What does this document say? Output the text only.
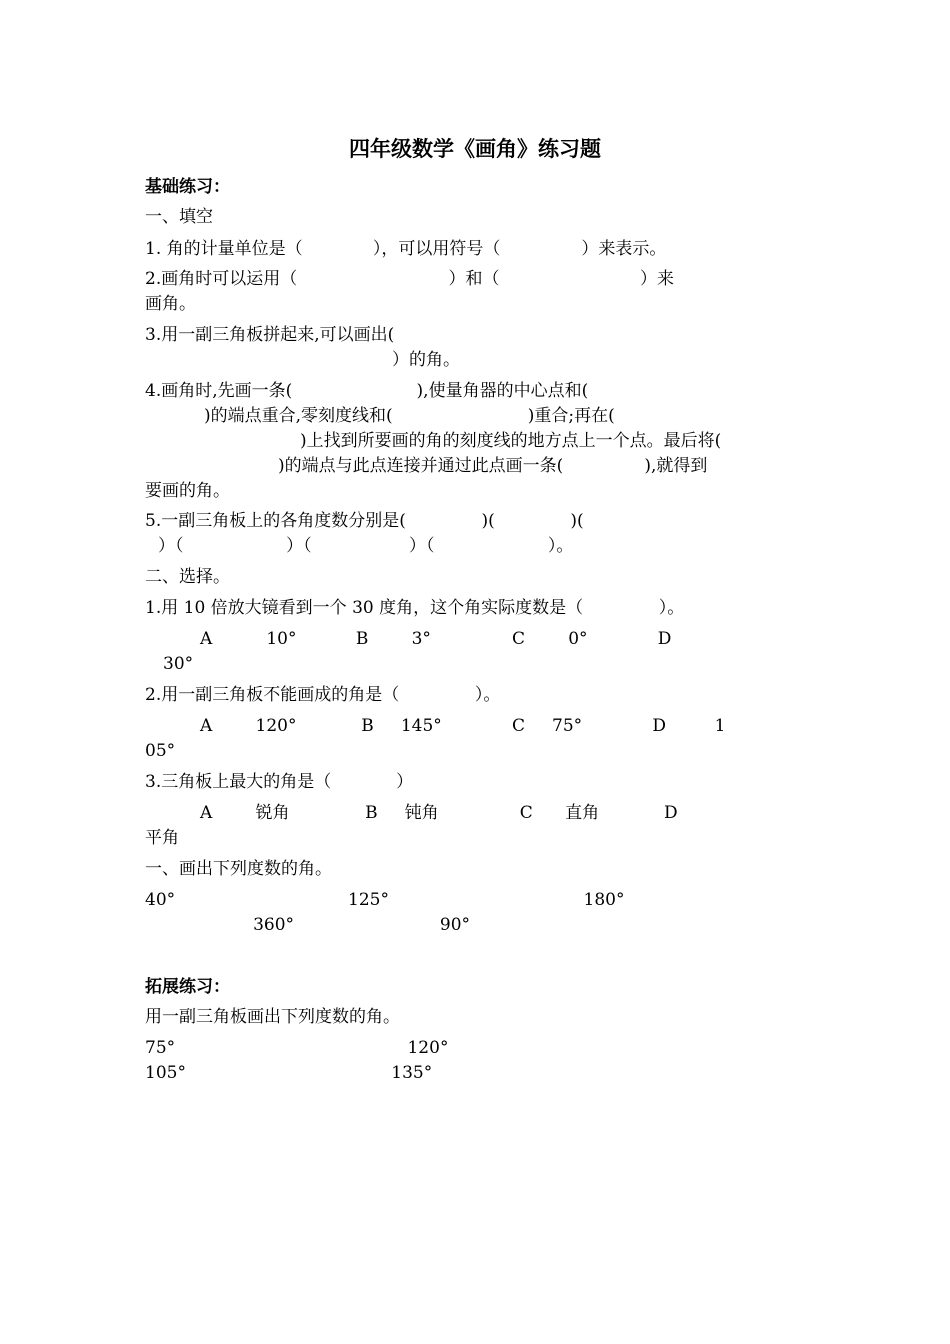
四年级数学《画角》练习题
基础练习：
一、填空
1. 角的计量单位是（             ），可以用符号（               ）来表示。
2.画角时可以运用（                            ）和（                          ）来
画角。
3.用一副三角板拼起来,可以画出(
）的角。
4.画角时,先画一条(                       ),使量角器的中心点和(
)的端点重合,零刻度线和(                         )重合;再在(
)上找到所要画的角的刻度线的地方点上一个点。最后将(
)的端点与此点连接并通过此点画一条(               ),就得到
要画的角。
5.一副三角板上的各角度数分别是(              )(              )(
）（                   ）（                  ）（                     ）。
二、选择。
1.用 10 倍放大镜看到一个 30 度角，这个角实际度数是（              ）。
A          10°           B        3°               C        0°             D
30°
2.用一副三角板不能画成的角是（              ）。
A        120°            B     145°             C     75°             D         1
05°
3.三角板上最大的角是（            ）
A        锐角              B     钝角               C      直角            D
平角
一、画出下列度数的角。
40°                                125°                                    180°
360°                           90°
拓展练习：
用一副三角板画出下列度数的角。
75°                                           120°
105°                                      135°
